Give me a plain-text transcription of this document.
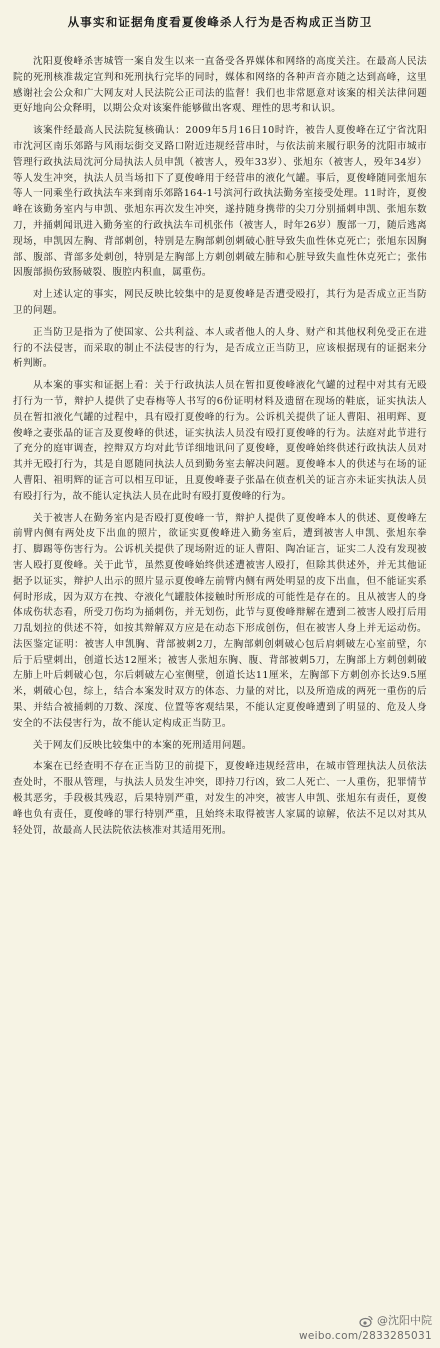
从事实和证据角度看夏俊峰杀人行为是否构成正当防卫

沈阳夏俊峰杀害城管一案自发生以来一直备受各界媒体和网络的高度关注。在最高人民法院的死刑核准裁定宣判和死刑执行完毕的同时，媒体和网络的各种声音亦随之达到高峰，这里感谢社会公众和广大网友对人民法院公正司法的监督！我们也非常愿意对该案的相关法律问题更好地向公众释明，以期公众对该案件能够做出客观、理性的思考和认识。

该案件经最高人民法院复核确认：2009年5月16日10时许，被告人夏俊峰在辽宁省沈阳市沈河区南乐郊路与风雨坛街交叉路口附近违规经营串时，与依法前来履行职务的沈阳市城市管理行政执法局沈河分局执法人员申凯（被害人，殁年33岁）、张旭东（被害人，殁年34岁）等人发生冲突，执法人员当场扣下了夏俊峰用于经营串的液化气罐。事后，夏俊峰随同张旭东等人一同乘坐行政执法车来到南乐郊路164-1号滨河行政执法勤务室接受处理。11时许，夏俊峰在该勤务室内与申凯、张旭东再次发生冲突，遂持随身携带的尖刀分别捅刺申凯、张旭东数刀，并捅刺闻讯进入勤务室的行政执法车司机张伟（被害人，时年26岁）腹部一刀，随后逃离现场，申凯因左胸、背部刺创，特别是左胸部刺创刺破心脏导致失血性休克死亡；张旭东因胸部、腹部、背部多处刺创，特别是左胸部上方刺创刺破左肺和心脏导致失血性休克死亡；张伟因腹部损伤致肠破裂、腹腔内积血，属重伤。

对上述认定的事实，网民反映比较集中的是夏俊峰是否遭受殴打，其行为是否成立正当防卫的问题。

正当防卫是指为了使国家、公共利益、本人或者他人的人身、财产和其他权利免受正在进行的不法侵害，而采取的制止不法侵害的行为，是否成立正当防卫，应该根据现有的证据来分析判断。

从本案的事实和证据上看：关于行政执法人员在暂扣夏俊峰液化气罐的过程中对其有无殴打行为一节，辩护人提供了史春梅等人书写的6份证明材料及遗留在现场的鞋底，证实执法人员在暂扣液化气罐的过程中，具有殴打夏俊峰的行为。公诉机关提供了证人曹阳、祖明辉、夏俊峰之妻张晶的证言及夏俊峰的供述，证实执法人员没有殴打夏俊峰的行为。法庭对此节进行了充分的庭审调查，控辩双方均对此节详细地讯问了夏俊峰，夏俊峰始终供述行政执法人员对其并无殴打行为，其是自愿随同执法人员到勤务室去解决问题。夏俊峰本人的供述与在场的证人曹阳、祖明辉的证言可以相互印证，且夏俊峰妻子张晶在侦查机关的证言亦未证实执法人员有殴打行为，故不能认定执法人员在此时有殴打夏俊峰的行为。

关于被害人在勤务室内是否殴打夏俊峰一节，辩护人提供了夏俊峰本人的供述、夏俊峰左前臂内侧有两处皮下出血的照片，欲证实夏俊峰进入勤务室后，遭到被害人申凯、张旭东拳打、脚踢等伤害行为。公诉机关提供了现场附近的证人曹阳、陶冶证言，证实二人没有发现被害人殴打夏俊峰。关于此节，虽然夏俊峰始终供述遭被害人殴打，但除其供述外，并无其他证据予以证实，辩护人出示的照片显示夏俊峰左前臂内侧有两处明显的皮下出血，但不能证实系何时形成，因为双方在拽、夺液化气罐肢体接触时所形成的可能性是存在的。且从被害人的身体成伤状态看，所受刀伤均为捅刺伤，并无划伤，此节与夏俊峰辩解在遭到二被害人殴打后用刀乱划拉的供述不符，如按其辩解双方应是在动态下形成创伤，但在被害人身上并无运动伤。法医鉴定证明：被害人申凯胸、背部被刺2刀，左胸部刺创刺破心包后肩刺破左心室前壁，尔后于后壁刺出，创道长达12厘米；被害人张旭东胸、腹、背部被刺5刀，左胸部上方刺创刺破左肺上叶后刺破心包，尔后刺破左心室侧壁，创道长达11厘米，左胸部下方刺创亦长达9.5厘米，刺破心包，综上，结合本案发时双方的体态、力量的对比，以及所造成的两死一重伤的后果、并结合被捅刺的刀数、深度、位置等客观结果，不能认定夏俊峰遭到了明显的、危及人身安全的不法侵害行为，故不能认定构成正当防卫。

关于网友们反映比较集中的本案的死刑适用问题。

本案在已经查明不存在正当防卫的前提下，夏俊峰违规经营串，在城市管理执法人员依法查处时，不服从管理，与执法人员发生冲突，即持刀行凶，致二人死亡、一人重伤，犯罪情节极其恶劣，手段极其残忍，后果特别严重，对发生的冲突，被害人申凯、张旭东有责任，夏俊峰也负有责任，夏俊峰的罪行特别严重，且始终未取得被害人家属的谅解，依法不足以对其从轻处罚，故最高人民法院依法核准对其适用死刑。

@沈阳中院
weibo.com/2833285031
